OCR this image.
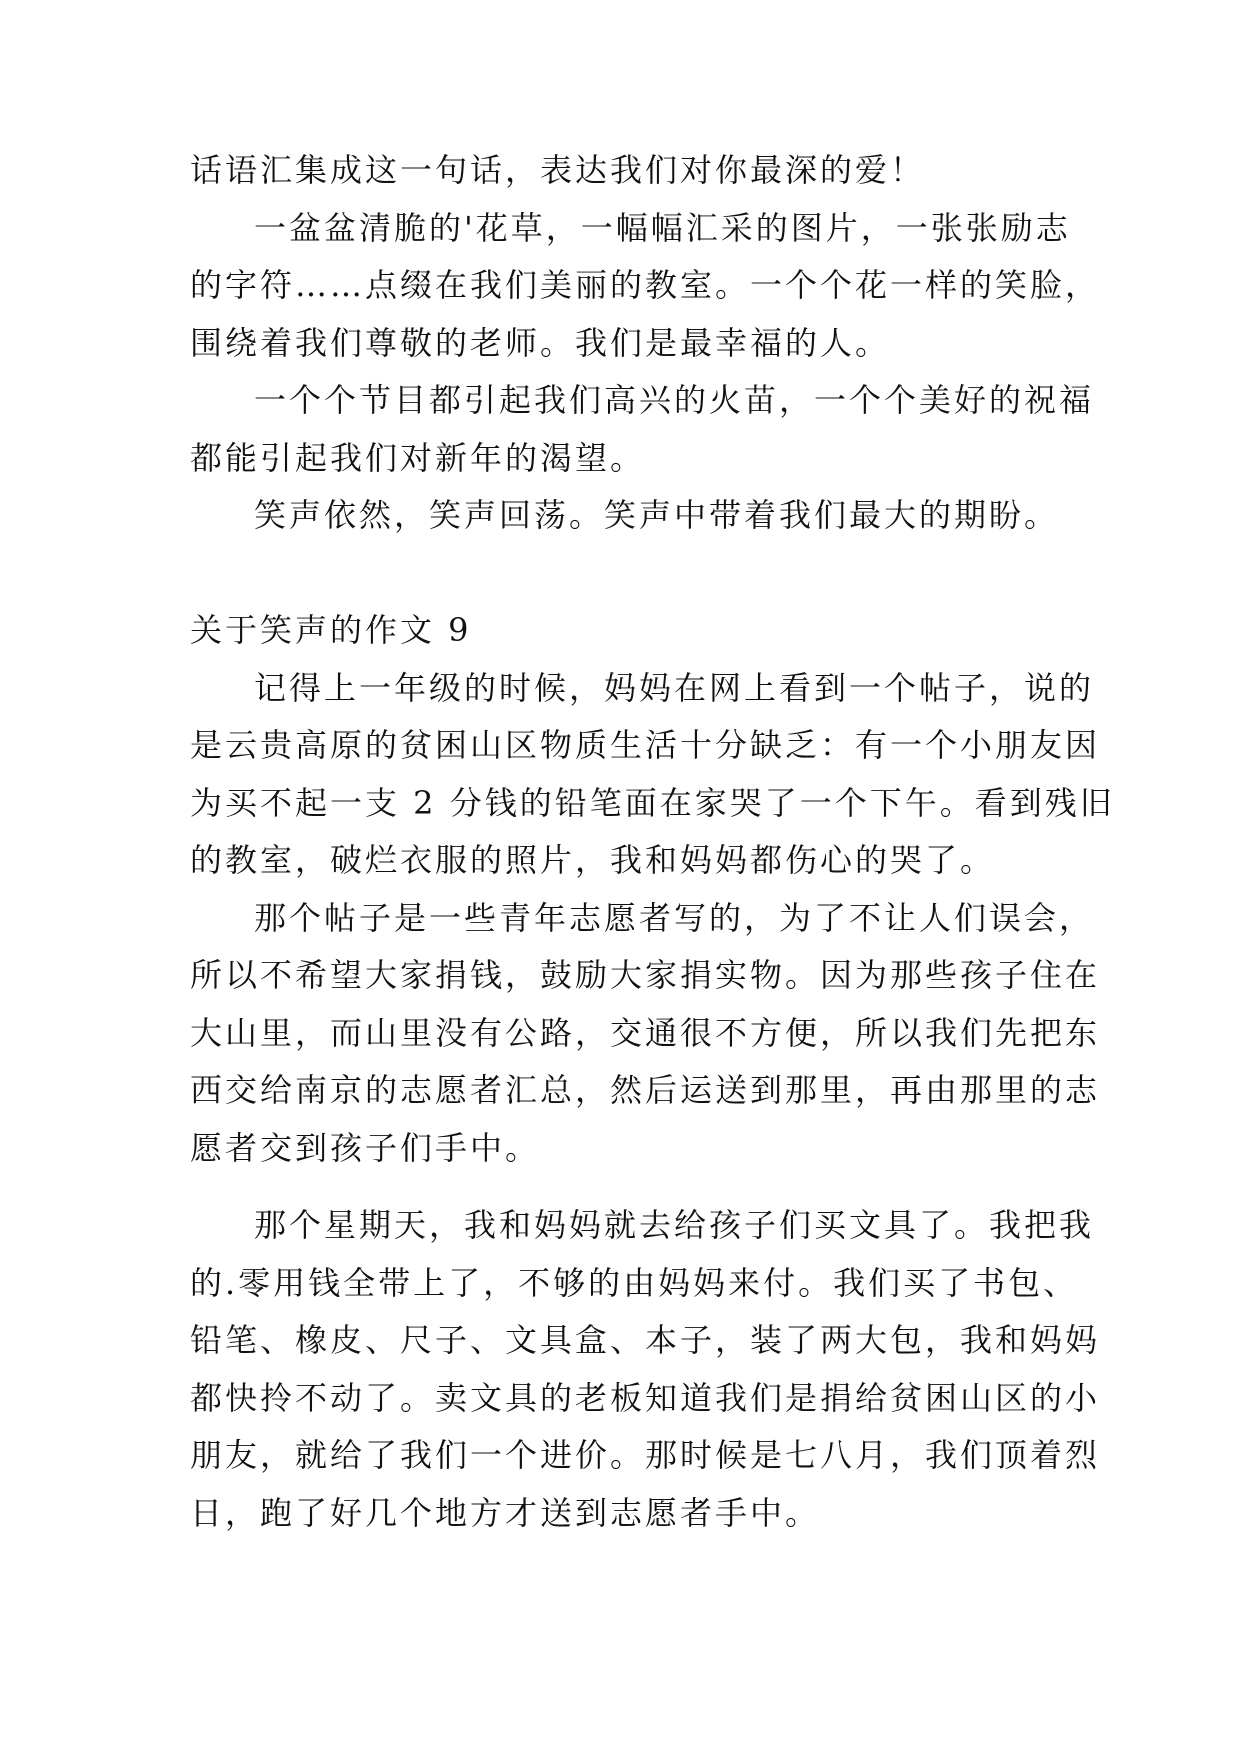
话语汇集成这一句话，表达我们对你最深的爱！
一盆盆清脆的'花草，一幅幅汇采的图片，一张张励志
的字符……点缀在我们美丽的教室。一个个花一样的笑脸，
围绕着我们尊敬的老师。我们是最幸福的人。
一个个节目都引起我们高兴的火苗，一个个美好的祝福
都能引起我们对新年的渴望。
笑声依然，笑声回荡。笑声中带着我们最大的期盼。
关于笑声的作文 9
记得上一年级的时候，妈妈在网上看到一个帖子，说的
是云贵高原的贫困山区物质生活十分缺乏：有一个小朋友因
为买不起一支 2 分钱的铅笔面在家哭了一个下午。看到残旧
的教室，破烂衣服的照片，我和妈妈都伤心的哭了。
那个帖子是一些青年志愿者写的，为了不让人们误会，
所以不希望大家捐钱，鼓励大家捐实物。因为那些孩子住在
大山里，而山里没有公路，交通很不方便，所以我们先把东
西交给南京的志愿者汇总，然后运送到那里，再由那里的志
愿者交到孩子们手中。
那个星期天，我和妈妈就去给孩子们买文具了。我把我
的.零用钱全带上了，不够的由妈妈来付。我们买了书包、
铅笔、橡皮、尺子、文具盒、本子，装了两大包，我和妈妈
都快拎不动了。卖文具的老板知道我们是捐给贫困山区的小
朋友，就给了我们一个进价。那时候是七八月，我们顶着烈
日，跑了好几个地方才送到志愿者手中。
